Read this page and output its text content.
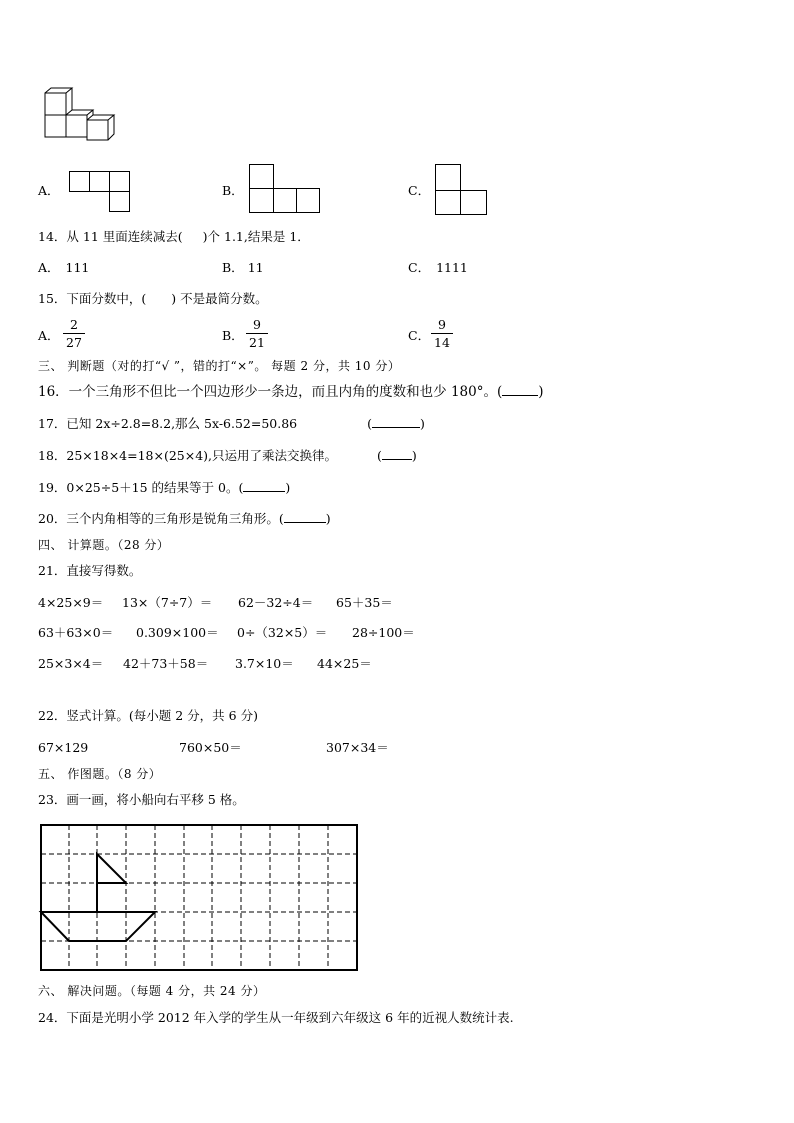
A．	B．	C．
14．从 11 里面连续减去( )个 1.1,结果是 1．
A． 111	B． 11	C． 1111
15．下面分数中，(　　) 不是最简分数。
A．
2
27	B．
9
21	C．
9
14
三、 判断题（对的打“√ ”，错的打“×”。 每题 2 分，共 10 分）
16．一个三角形不但比一个四边形少一条边，而且内角的度数和也少 180°。(	)
17．已知 2x÷2.8=8.2,那么 5x-6.52=50.86	(	)
18．25×18×4=18×(25×4),只运用了乘法交换律。	( )
19．0×25÷5＋15 的结果等于 0。(	)
20．三个内角相等的三角形是锐角三角形。(	)
四、 计算题。（28 分）
21．直接写得数。
4×25×9＝ 13×（7÷7）＝ 62－32÷4＝ 65＋35＝
63＋63×0＝ 0.309×100＝ 0÷（32×5）＝ 28÷100＝
25×3×4＝ 42＋73＋58＝ 3.7×10＝ 44×25＝
22．竖式计算。(每小题 2 分，共 6 分)
67×129	760×50＝	307×34＝
五、 作图题。（8 分）
23．画一画，将小船向右平移 5 格。
六、 解决问题。（每题 4 分，共 24 分）
24．下面是光明小学 2012 年入学的学生从一年级到六年级这 6 年的近视人数统计表.
